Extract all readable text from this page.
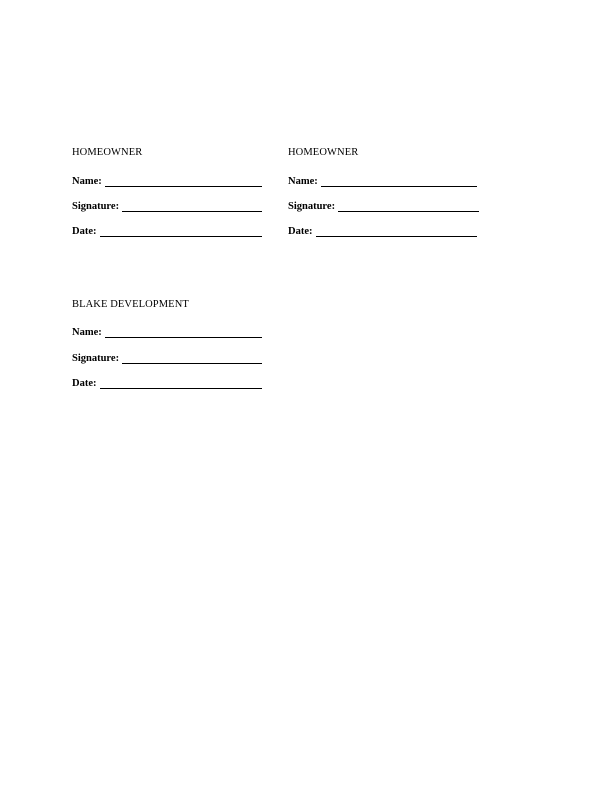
HOMEOWNER
Name:
Signature:
Date:
HOMEOWNER
Name:
Signature:
Date:
BLAKE DEVELOPMENT
Name:
Signature:
Date:
